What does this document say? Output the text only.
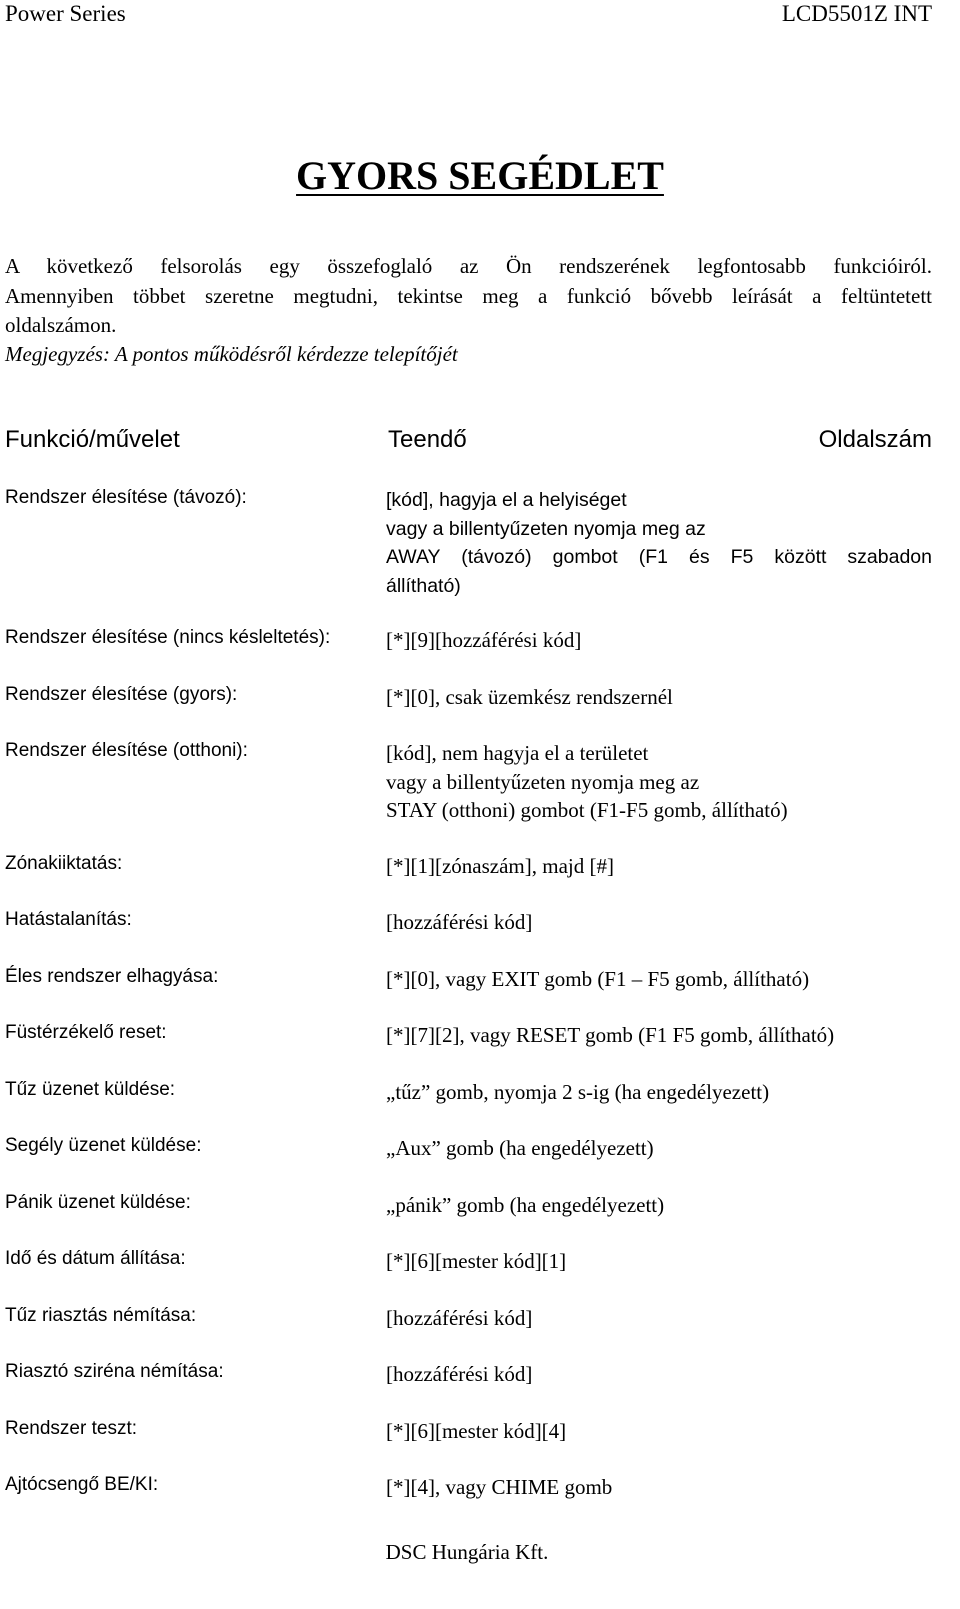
Power Series	LCD5501Z INT
GYORS SEGÉDLET
A következő felsorolás egy összefoglaló az Ön rendszerének legfontosabb funkcióiról.
Amennyiben többet szeretne megtudni, tekintse meg a funkció bővebb leírását a feltüntetett
oldalszámon.
Megjegyzés: A pontos működésről kérdezze telepítőjét
Funkció/művelet	Teendő	Oldalszám
Rendszer élesítése (távozó):	[kód], hagyja el a helyiséget
vagy a billentyűzeten nyomja meg az
AWAY (távozó) gombot (F1 és F5 között szabadon
állítható)
Rendszer élesítése (nincs késleltetés):	[*][9][hozzáférési kód]
Rendszer élesítése (gyors):	[*][0], csak üzemkész rendszernél
Rendszer élesítése (otthoni):	[kód], nem hagyja el a területet
vagy a billentyűzeten nyomja meg az
STAY (otthoni) gombot (F1-F5 gomb, állítható)
Zónakiiktatás:	[*][1][zónaszám], majd [#]
Hatástalanítás:	[hozzáférési kód]
Éles rendszer elhagyása:	[*][0], vagy EXIT gomb (F1 – F5 gomb, állítható)
Füstérzékelő reset:	[*][7][2], vagy RESET gomb (F1 F5 gomb, állítható)
Tűz üzenet küldése:	„tűz” gomb, nyomja 2 s-ig (ha engedélyezett)
Segély üzenet küldése:	„Aux” gomb (ha engedélyezett)
Pánik üzenet küldése:	„pánik” gomb (ha engedélyezett)
Idő és dátum állítása:	[*][6][mester kód][1]
Tűz riasztás némítása:	[hozzáférési kód]
Riasztó sziréna némítása:	[hozzáférési kód]
Rendszer teszt:	[*][6][mester kód][4]
Ajtócsengő BE/KI:	[*][4], vagy CHIME gomb
DSC Hungária Kft.
